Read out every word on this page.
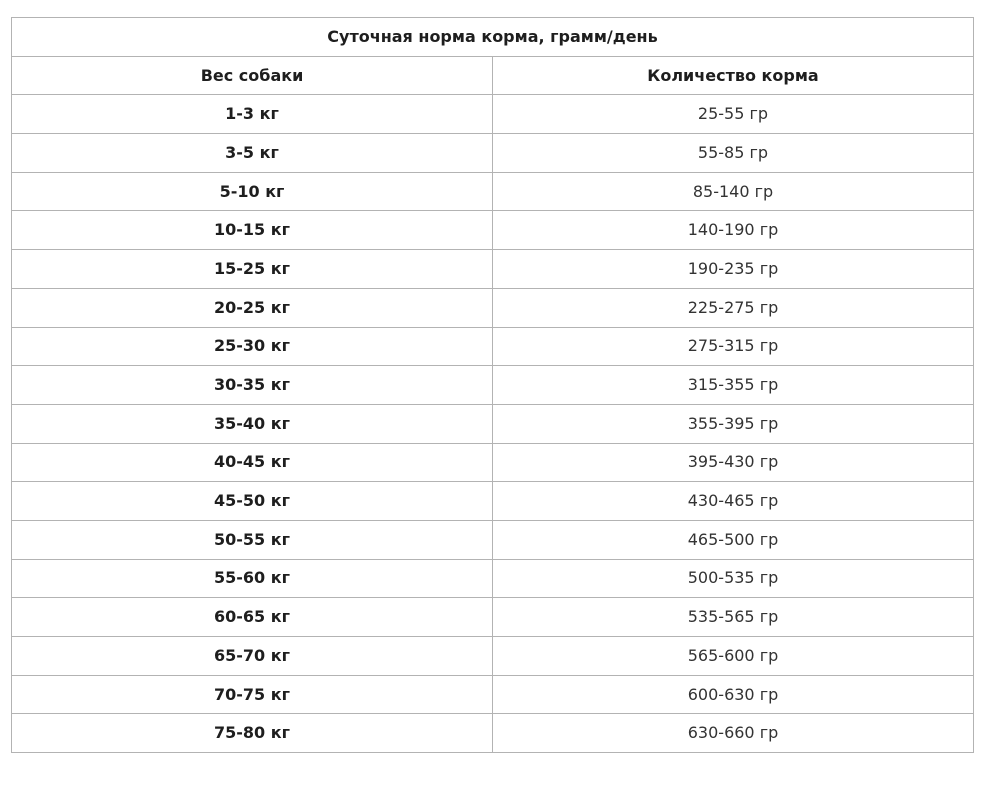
Суточная норма корма, грамм/день	
Вес собаки	Количество корма
1-3 кг	25-55 гр
3-5 кг	55-85 гр
5-10 кг	85-140 гр
10-15 кг	140-190 гр
15-25 кг	190-235 гр
20-25 кг	225-275 гр
25-30 кг	275-315 гр
30-35 кг	315-355 гр
35-40 кг	355-395 гр
40-45 кг	395-430 гр
45-50 кг	430-465 гр
50-55 кг	465-500 гр
55-60 кг	500-535 гр
60-65 кг	535-565 гр
65-70 кг	565-600 гр
70-75 кг	600-630 гр
75-80 кг	630-660 гр
